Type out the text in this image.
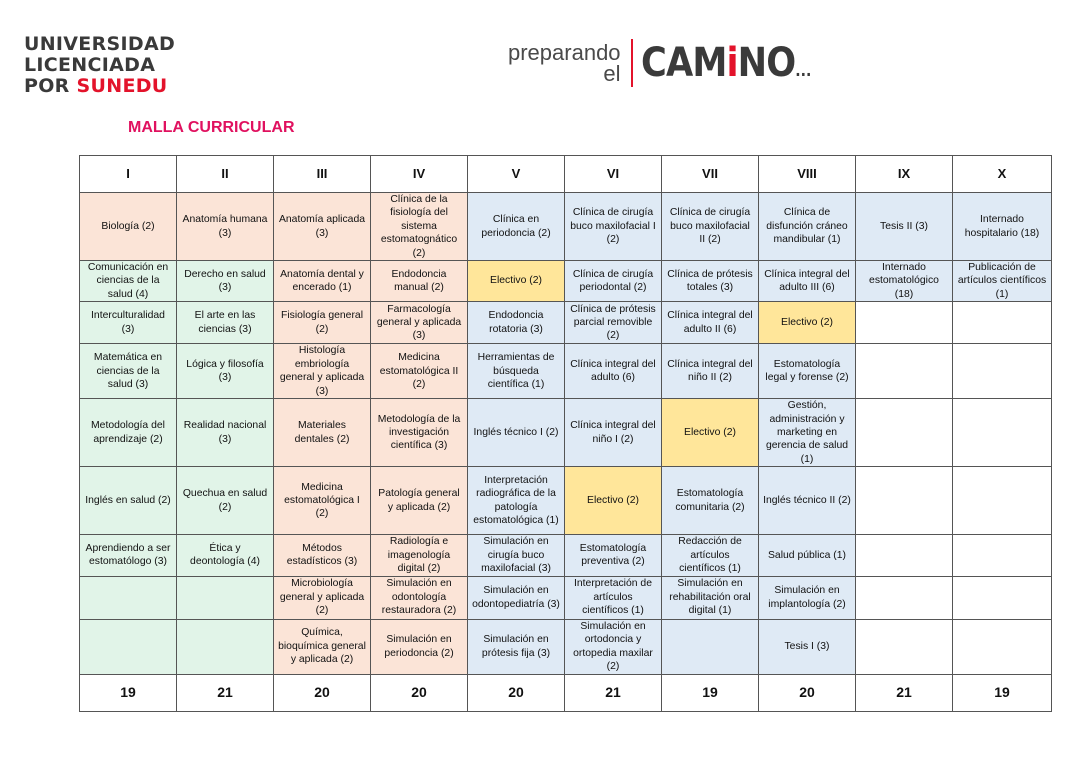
UNIVERSIDAD
LICENCIADA
POR SUNEDU
preparando
el CAMiNO...
MALLA CURRICULAR
I	II	III	IV	V	VI	VII	VIII	IX	X
Biología (2)	Anatomía humana (3)	Anatomía aplicada (3)	Clínica de la fisiología del sistema estomatognático (2)	Clínica en periodoncia (2)	Clínica de cirugía buco maxilofacial I (2)	Clínica de cirugía buco maxilofacial II (2)	Clínica de disfunción cráneo mandibular (1)	Tesis II (3)	Internado hospitalario (18)
Comunicación en ciencias de la salud (4)	Derecho en salud (3)	Anatomía dental y encerado (1)	Endodoncia manual (2)	Electivo (2)	Clínica de cirugía periodontal (2)	Clínica de prótesis totales (3)	Clínica integral del adulto III (6)	Internado estomatológico (18)	Publicación de artículos científicos (1)
Interculturalidad (3)	El arte en las ciencias (3)	Fisiología general (2)	Farmacología general y aplicada (3)	Endodoncia rotatoria (3)	Clínica de prótesis parcial removible (2)	Clínica integral del adulto II (6)	Electivo (2)		
Matemática en ciencias de la salud (3)	Lógica y filosofía (3)	Histología embriología general y aplicada (3)	Medicina estomatológica II (2)	Herramientas de búsqueda científica (1)	Clínica integral del adulto (6)	Clínica integral del niño II (2)	Estomatología legal y forense (2)		
Metodología del aprendizaje (2)	Realidad nacional (3)	Materiales dentales (2)	Metodología de la investigación científica (3)	Inglés técnico I (2)	Clínica integral del niño I (2)	Electivo (2)	Gestión, administración y marketing en gerencia de salud (1)		
Inglés en salud (2)	Quechua en salud (2)	Medicina estomatológica I (2)	Patología general y aplicada (2)	Interpretación radiográfica de la patología estomatológica (1)	Electivo (2)	Estomatología comunitaria (2)	Inglés técnico II (2)		
Aprendiendo a ser estomatólogo (3)	Ética y deontología (4)	Métodos estadísticos (3)	Radiología e imagenología digital (2)	Simulación en cirugía buco maxilofacial (3)	Estomatología preventiva (2)	Redacción de artículos científicos (1)	Salud pública (1)		
		Microbiología general y aplicada (2)	Simulación en odontología restauradora (2)	Simulación en odontopediatría (3)	Interpretación de artículos científicos (1)	Simulación en rehabilitación oral digital (1)	Simulación en implantología (2)		
		Química, bioquímica general y aplicada (2)	Simulación en periodoncia (2)	Simulación en prótesis fija (3)	Simulación en ortodoncia y ortopedia maxilar (2)		Tesis I (3)		
19	21	20	20	20	21	19	20	21	19
